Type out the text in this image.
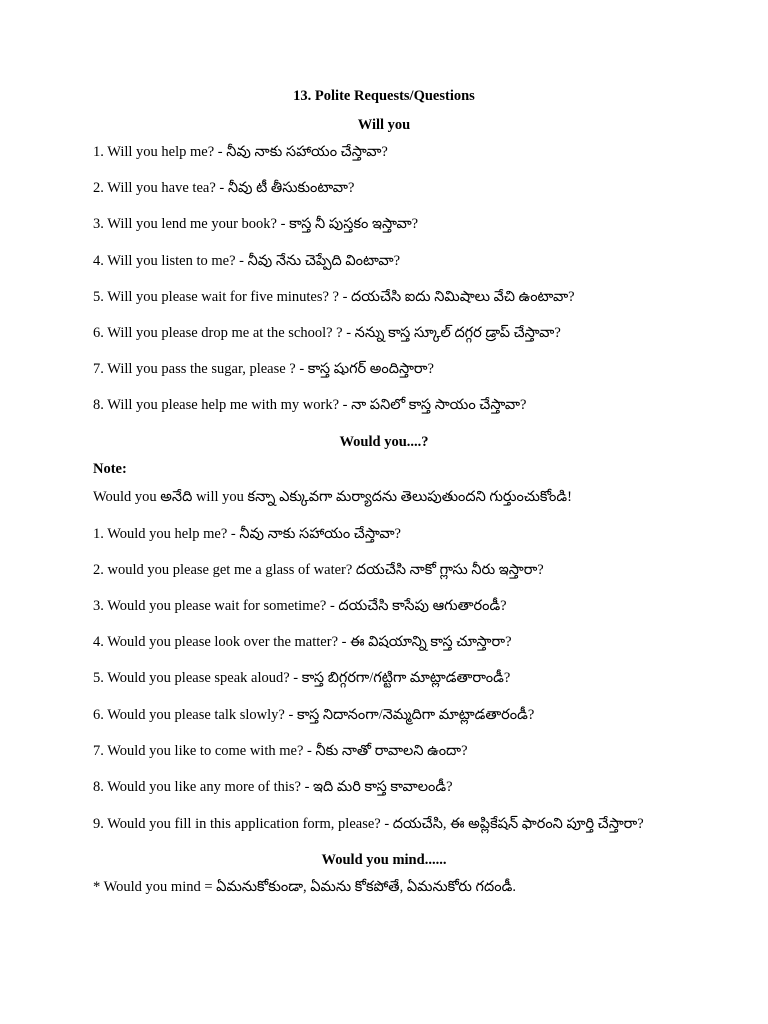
13. Polite Requests/Questions
Will you
1. Will you help me? - నీవు నాకు సహాయం చేస్తావా?
2. Will you have tea? - నీవు టీ తీసుకుంటావా?
3. Will you lend me your book? - కాస్త నీ పుస్తకం ఇస్తావా?
4. Will you listen to me? - నీవు నేను చెప్పేది వింటావా?
5. Will you please wait for five minutes? ? - దయచేసి ఐదు నిమిషాలు వేచి ఉంటావా?
6. Will you please drop me at the school? ? - నన్ను కాస్త స్కూల్ దగ్గర డ్రాప్ చేస్తావా?
7. Will you pass the sugar, please ? - కాస్త షుగర్ అందిస్తారా?
8. Will you please help me with my work? - నా పనిలో కాస్త సాయం చేస్తావా?
Would you....?
Note:
Would you అనేది will you కన్నా ఎక్కువగా మర్యాదను తెలుపుతుందని గుర్తుంచుకోండి!
1. Would you help me? - నీవు నాకు సహాయం చేస్తావా?
2. would you please get me a glass of water? దయచేసి నాకో గ్లాసు నీరు ఇస్తారా?
3. Would you please wait for sometime? - దయచేసి కాసేపు ఆగుతారండీ?
4. Would you please look over the matter? - ఈ విషయాన్ని కాస్త చూస్తారా?
5. Would you please speak aloud? - కాస్త బిగ్గరగా/గట్టిగా మాట్లాడతారాండీ?
6. Would you please talk slowly? - కాస్త నిదానంగా/నెమ్మదిగా మాట్లాడతారండీ?
7. Would you like to come with me? - నీకు నాతో రావాలని ఉందా?
8. Would you like any more of this? - ఇది మరి కాస్త కావాలండీ?
9. Would you fill in this application form, please? - దయచేసి, ఈ అప్లికేషన్ ఫారంని పూర్తి చేస్తారా?
Would you mind......
* Would you mind = ఏమనుకోకుండా, ఏమను కోకపోతే, ఏమనుకోరు గదండీ.
